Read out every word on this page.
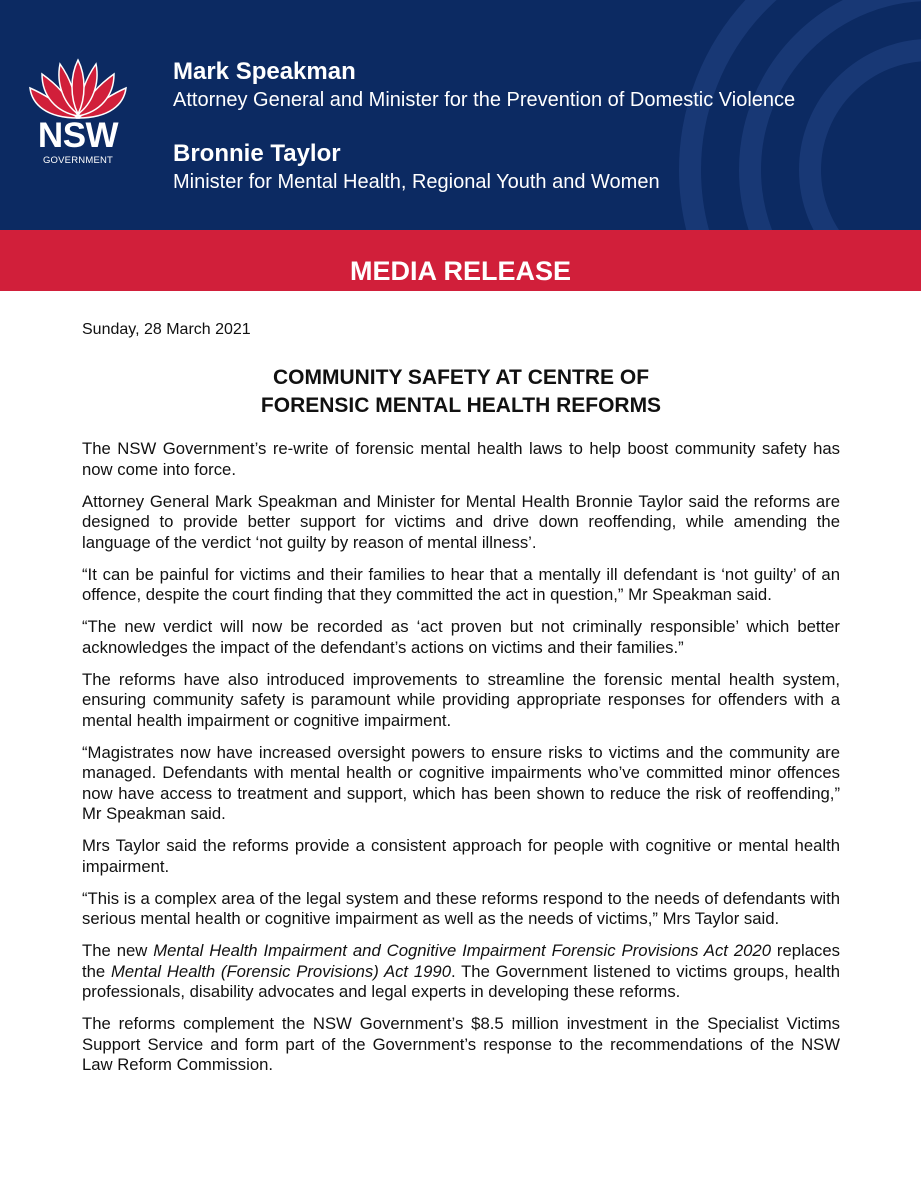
NSW
GOVERNMENT
Mark Speakman
Attorney General and Minister for the Prevention of Domestic Violence
Bronnie Taylor
Minister for Mental Health, Regional Youth and Women
MEDIA RELEASE
Sunday, 28 March 2021
COMMUNITY SAFETY AT CENTRE OF
FORENSIC MENTAL HEALTH REFORMS

The NSW Government’s re-write of forensic mental health laws to help boost community safety has now come into force.

Attorney General Mark Speakman and Minister for Mental Health Bronnie Taylor said the reforms are designed to provide better support for victims and drive down reoffending, while amending the language of the verdict ‘not guilty by reason of mental illness’.

“It can be painful for victims and their families to hear that a mentally ill defendant is ‘not guilty’ of an offence, despite the court finding that they committed the act in question,” Mr Speakman said.

“The new verdict will now be recorded as ‘act proven but not criminally responsible’ which better acknowledges the impact of the defendant’s actions on victims and their families.”

The reforms have also introduced improvements to streamline the forensic mental health system, ensuring community safety is paramount while providing appropriate responses for offenders with a mental health impairment or cognitive impairment.

“Magistrates now have increased oversight powers to ensure risks to victims and the community are managed. Defendants with mental health or cognitive impairments who’ve committed minor offences now have access to treatment and support, which has been shown to reduce the risk of reoffending,” Mr Speakman said.

Mrs Taylor said the reforms provide a consistent approach for people with cognitive or mental health impairment.

“This is a complex area of the legal system and these reforms respond to the needs of defendants with serious mental health or cognitive impairment as well as the needs of victims,” Mrs Taylor said.

The new Mental Health Impairment and Cognitive Impairment Forensic Provisions Act 2020 replaces the Mental Health (Forensic Provisions) Act 1990. The Government listened to victims groups, health professionals, disability advocates and legal experts in developing these reforms.

The reforms complement the NSW Government’s $8.5 million investment in the Specialist Victims Support Service and form part of the Government’s response to the recommendations of the NSW Law Reform Commission.
